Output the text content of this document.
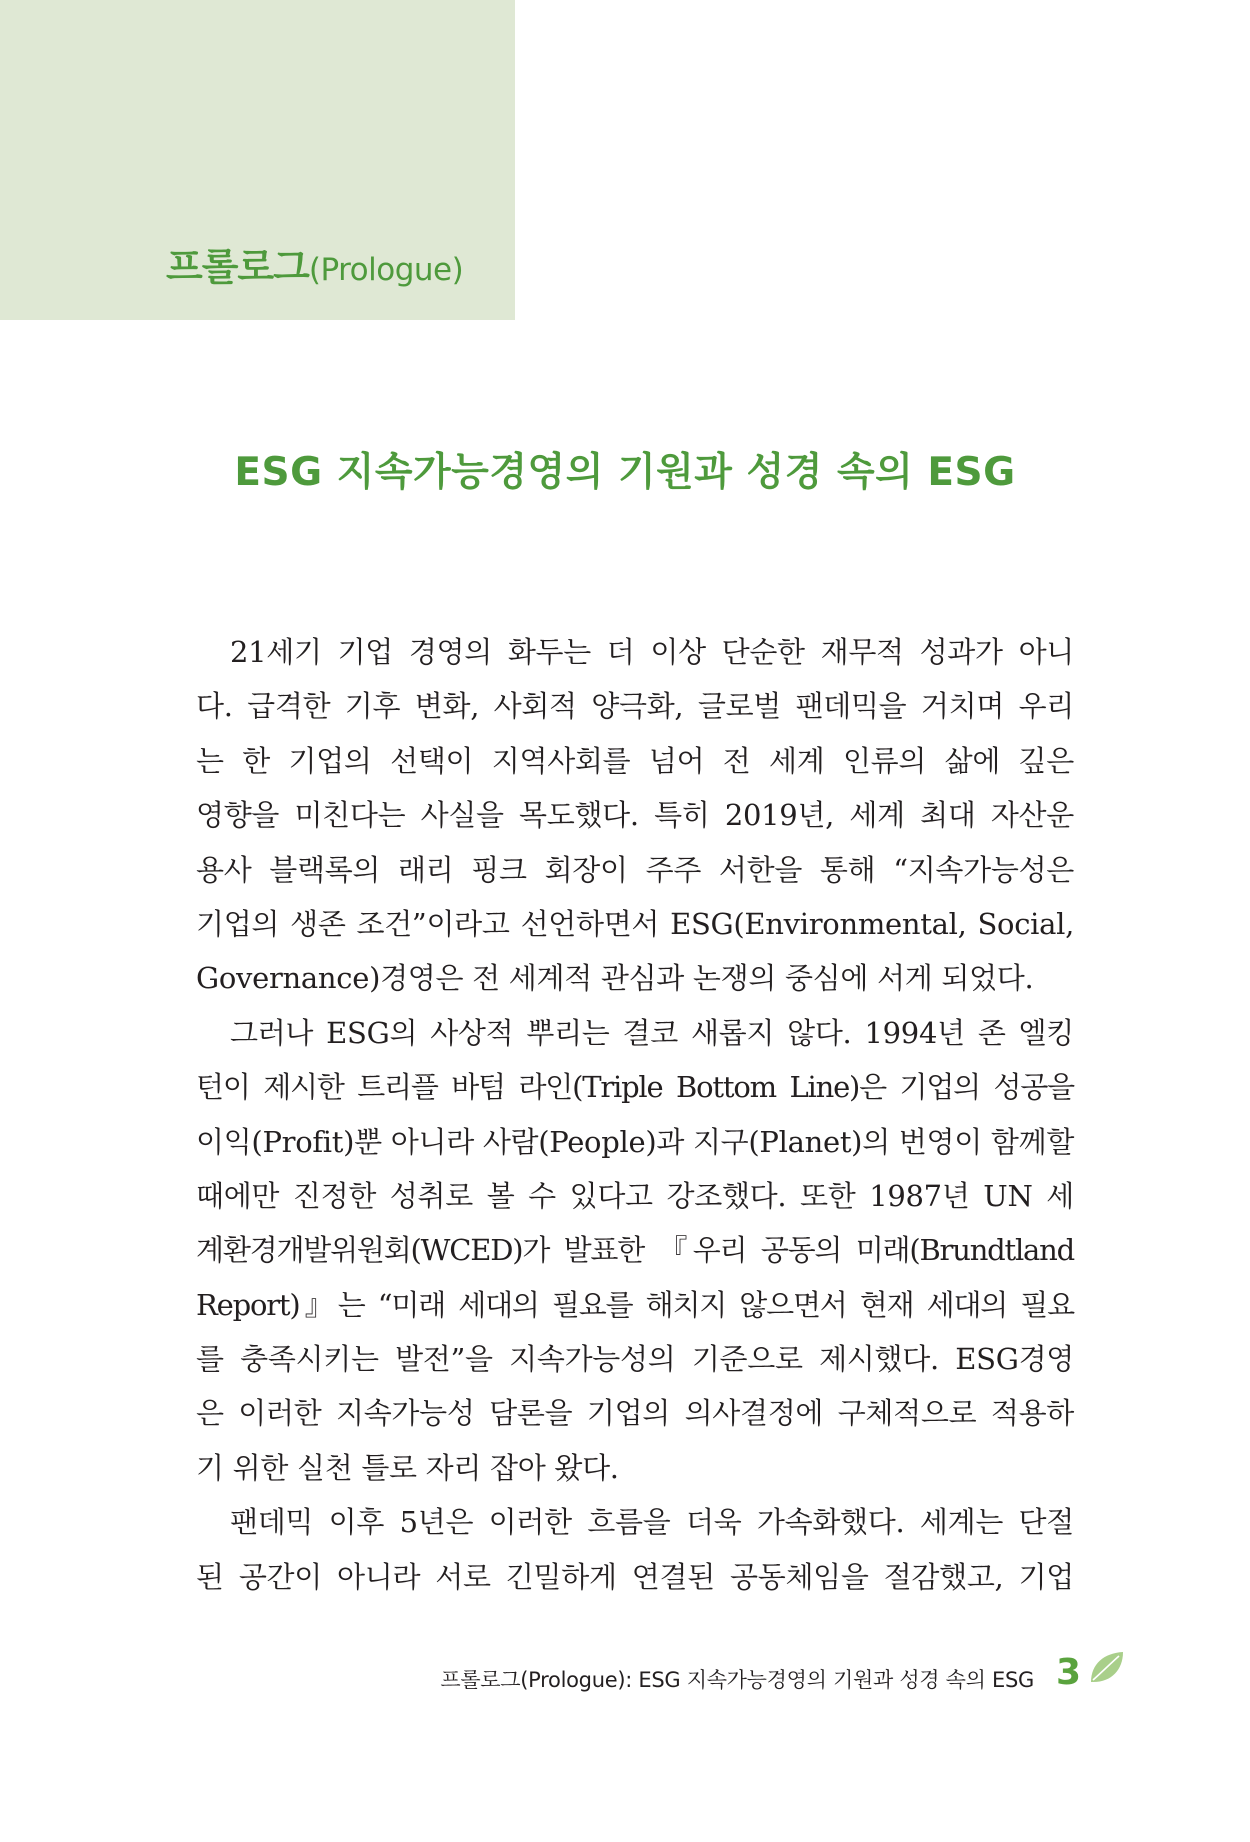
프롤로그(Prologue)
ESG 지속가능경영의 기원과 성경 속의 ESG
21세기 기업 경영의 화두는 더 이상 단순한 재무적 성과가 아니
다. 급격한 기후 변화, 사회적 양극화, 글로벌 팬데믹을 거치며 우리
는 한 기업의 선택이 지역사회를 넘어 전 세계 인류의 삶에 깊은
영향을 미친다는 사실을 목도했다. 특히 2019년, 세계 최대 자산운
용사 블랙록의 래리 핑크 회장이 주주 서한을 통해 “지속가능성은
기업의 생존 조건”이라고 선언하면서 ESG(Environmental, Social,
Governance)경영은 전 세계적 관심과 논쟁의 중심에 서게 되었다.
그러나 ESG의 사상적 뿌리는 결코 새롭지 않다. 1994년 존 엘킹
턴이 제시한 트리플 바텀 라인(Triple Bottom Line)은 기업의 성공을
이익(Profit)뿐 아니라 사람(People)과 지구(Planet)의 번영이 함께할
때에만 진정한 성취로 볼 수 있다고 강조했다. 또한 1987년 UN 세
계환경개발위원회(WCED)가 발표한 『우리 공동의 미래(Brundtland
Report)』는 “미래 세대의 필요를 해치지 않으면서 현재 세대의 필요
를 충족시키는 발전”을 지속가능성의 기준으로 제시했다. ESG경영
은 이러한 지속가능성 담론을 기업의 의사결정에 구체적으로 적용하
기 위한 실천 틀로 자리 잡아 왔다.
팬데믹 이후 5년은 이러한 흐름을 더욱 가속화했다. 세계는 단절
된 공간이 아니라 서로 긴밀하게 연결된 공동체임을 절감했고, 기업
프롤로그(Prologue): ESG 지속가능경영의 기원과 성경 속의 ESG 3
